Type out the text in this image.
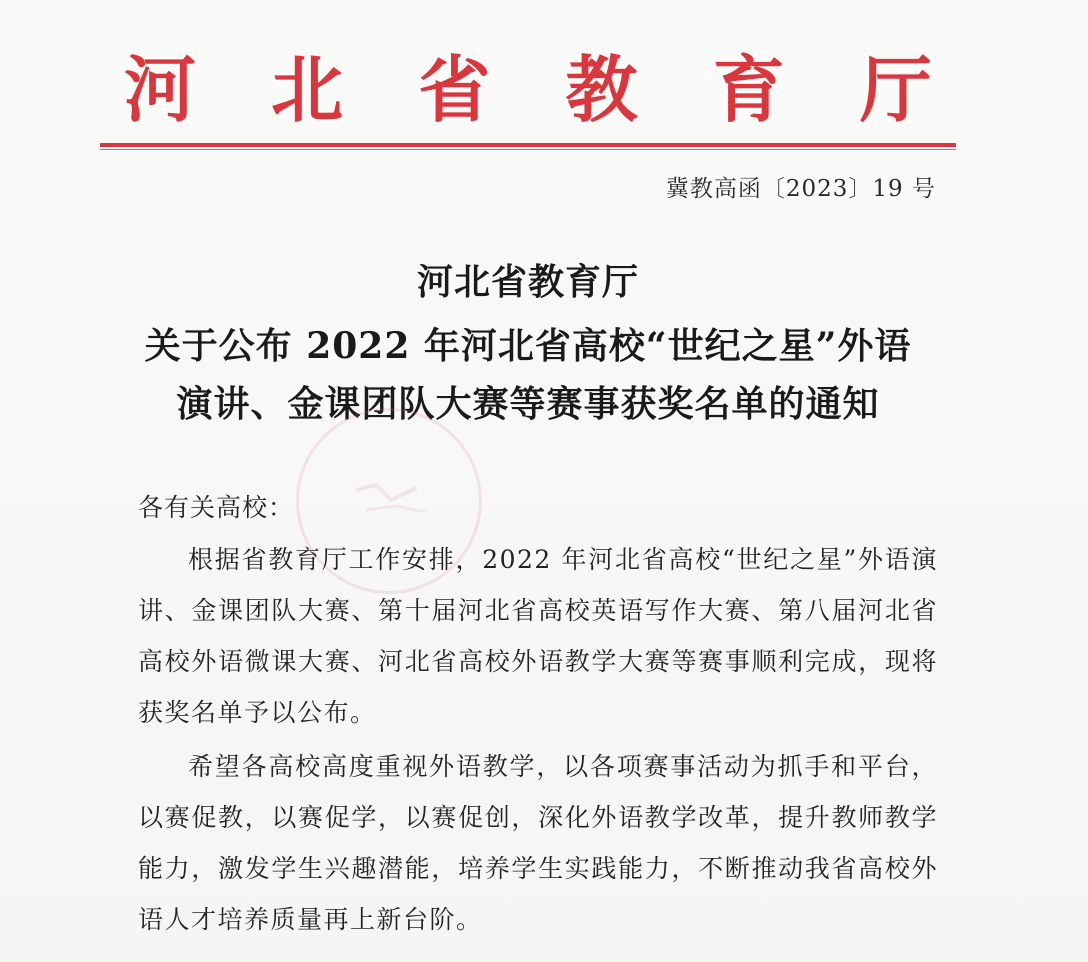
河	北	省	教	育	厅
冀教高函〔2023〕19 号
河北省教育厅
关于公布 2022 年河北省高校“世纪之星”外语
演讲、金课团队大赛等赛事获奖名单的通知
各有关高校：
根据省教育厅工作安排，2022 年河北省高校“世纪之星”外语演讲、金课团队大赛、第十届河北省高校英语写作大赛、第八届河北省高校外语微课大赛、河北省高校外语教学大赛等赛事顺利完成，现将获奖名单予以公布。
希望各高校高度重视外语教学，以各项赛事活动为抓手和平台，以赛促教，以赛促学，以赛促创，深化外语教学改革，提升教师教学能力，激发学生兴趣潜能，培养学生实践能力，不断推动我省高校外语人才培养质量再上新台阶。
